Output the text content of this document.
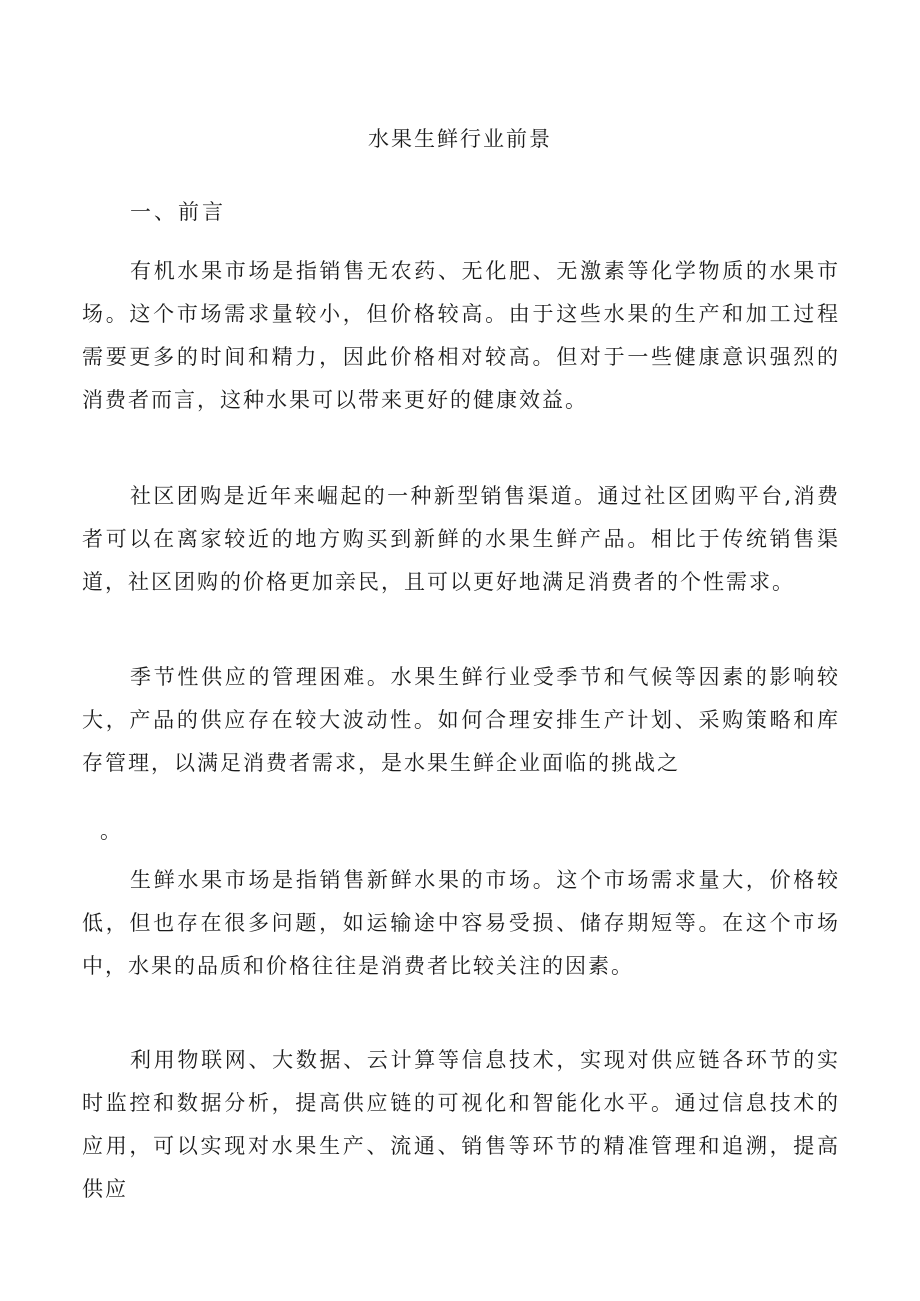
水果生鲜行业前景
一、前言

有机水果市场是指销售无农药、无化肥、无激素等化学物质的水果市场。这个市场需求量较小，但价格较高。由于这些水果的生产和加工过程需要更多的时间和精力，因此价格相对较高。但对于一些健康意识强烈的消费者而言，这种水果可以带来更好的健康效益。

社区团购是近年来崛起的一种新型销售渠道。通过社区团购平台,消费者可以在离家较近的地方购买到新鲜的水果生鲜产品。相比于传统销售渠道，社区团购的价格更加亲民，且可以更好地满足消费者的个性需求。

季节性供应的管理困难。水果生鲜行业受季节和气候等因素的影响较大，产品的供应存在较大波动性。如何合理安排生产计划、采购策略和库存管理，以满足消费者需求，是水果生鲜企业面临的挑战之

。

生鲜水果市场是指销售新鲜水果的市场。这个市场需求量大，价格较低，但也存在很多问题，如运输途中容易受损、储存期短等。在这个市场中，水果的品质和价格往往是消费者比较关注的因素。

利用物联网、大数据、云计算等信息技术，实现对供应链各环节的实时监控和数据分析，提高供应链的可视化和智能化水平。通过信息技术的应用，可以实现对水果生产、流通、销售等环节的精准管理和追溯，提高供应
